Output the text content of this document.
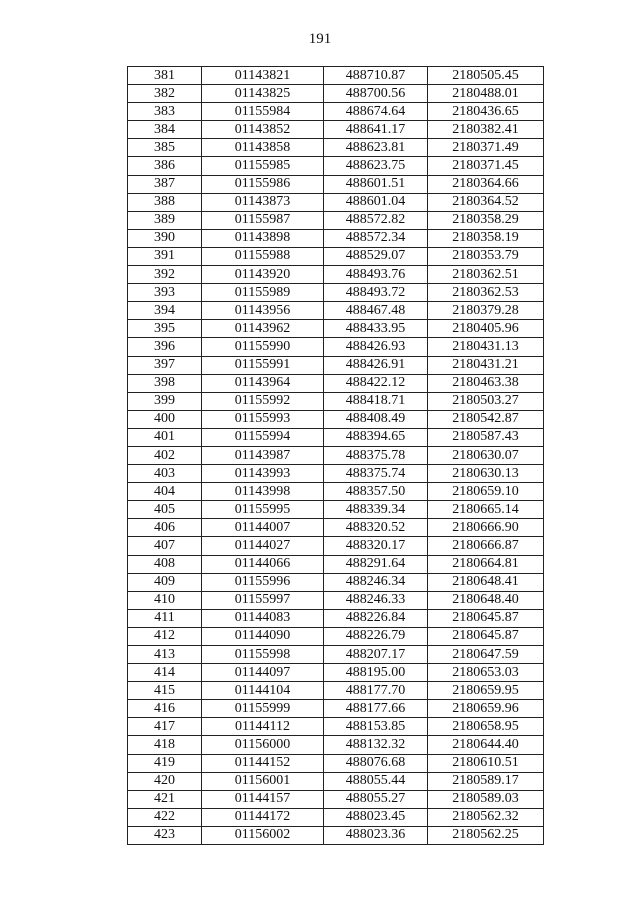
191
381	01143821	488710.87	2180505.45
382	01143825	488700.56	2180488.01
383	01155984	488674.64	2180436.65
384	01143852	488641.17	2180382.41
385	01143858	488623.81	2180371.49
386	01155985	488623.75	2180371.45
387	01155986	488601.51	2180364.66
388	01143873	488601.04	2180364.52
389	01155987	488572.82	2180358.29
390	01143898	488572.34	2180358.19
391	01155988	488529.07	2180353.79
392	01143920	488493.76	2180362.51
393	01155989	488493.72	2180362.53
394	01143956	488467.48	2180379.28
395	01143962	488433.95	2180405.96
396	01155990	488426.93	2180431.13
397	01155991	488426.91	2180431.21
398	01143964	488422.12	2180463.38
399	01155992	488418.71	2180503.27
400	01155993	488408.49	2180542.87
401	01155994	488394.65	2180587.43
402	01143987	488375.78	2180630.07
403	01143993	488375.74	2180630.13
404	01143998	488357.50	2180659.10
405	01155995	488339.34	2180665.14
406	01144007	488320.52	2180666.90
407	01144027	488320.17	2180666.87
408	01144066	488291.64	2180664.81
409	01155996	488246.34	2180648.41
410	01155997	488246.33	2180648.40
411	01144083	488226.84	2180645.87
412	01144090	488226.79	2180645.87
413	01155998	488207.17	2180647.59
414	01144097	488195.00	2180653.03
415	01144104	488177.70	2180659.95
416	01155999	488177.66	2180659.96
417	01144112	488153.85	2180658.95
418	01156000	488132.32	2180644.40
419	01144152	488076.68	2180610.51
420	01156001	488055.44	2180589.17
421	01144157	488055.27	2180589.03
422	01144172	488023.45	2180562.32
423	01156002	488023.36	2180562.25
